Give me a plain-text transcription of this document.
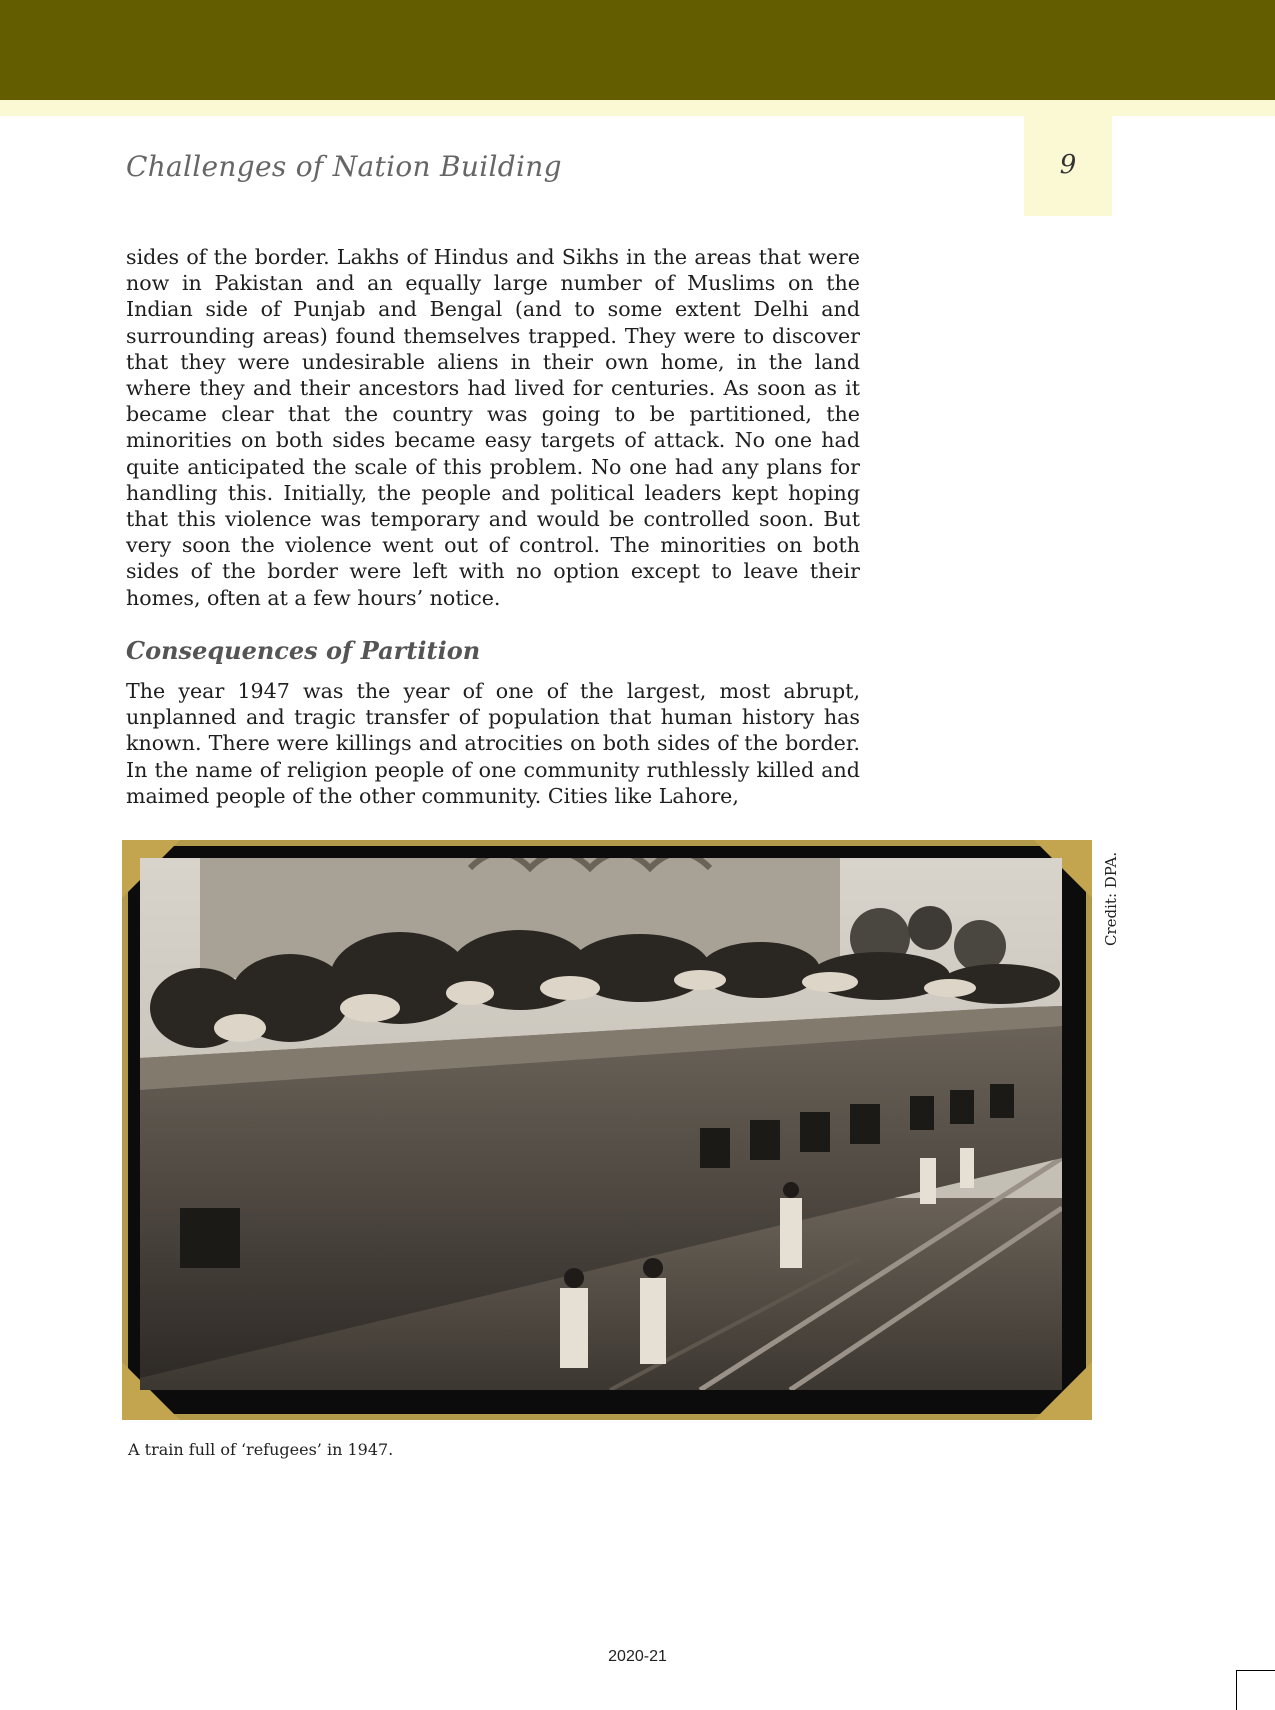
9
Challenges of Nation Building

sides of the border. Lakhs of Hindus and Sikhs in the areas that were now in Pakistan and an equally large number of Muslims on the Indian side of Punjab and Bengal (and to some extent Delhi and surrounding areas) found themselves trapped. They were to discover that they were undesirable aliens in their own home, in the land where they and their ancestors had lived for centuries. As soon as it became clear that the country was going to be partitioned, the minorities on both sides became easy targets of attack. No one had quite anticipated the scale of this problem. No one had any plans for handling this. Initially, the people and political leaders kept hoping that this violence was temporary and would be controlled soon. But very soon the violence went out of control. The minorities on both sides of the border were left with no option except to leave their homes, often at a few hours’ notice.

Consequences of Partition

The year 1947 was the year of one of the largest, most abrupt, unplanned and tragic transfer of population that human history has known. There were killings and atrocities on both sides of the border. In the name of religion people of one community ruthlessly killed and maimed people of the other community. Cities like Lahore,

Credit: DPA.
A train full of ‘refugees’ in 1947.
2020-21
